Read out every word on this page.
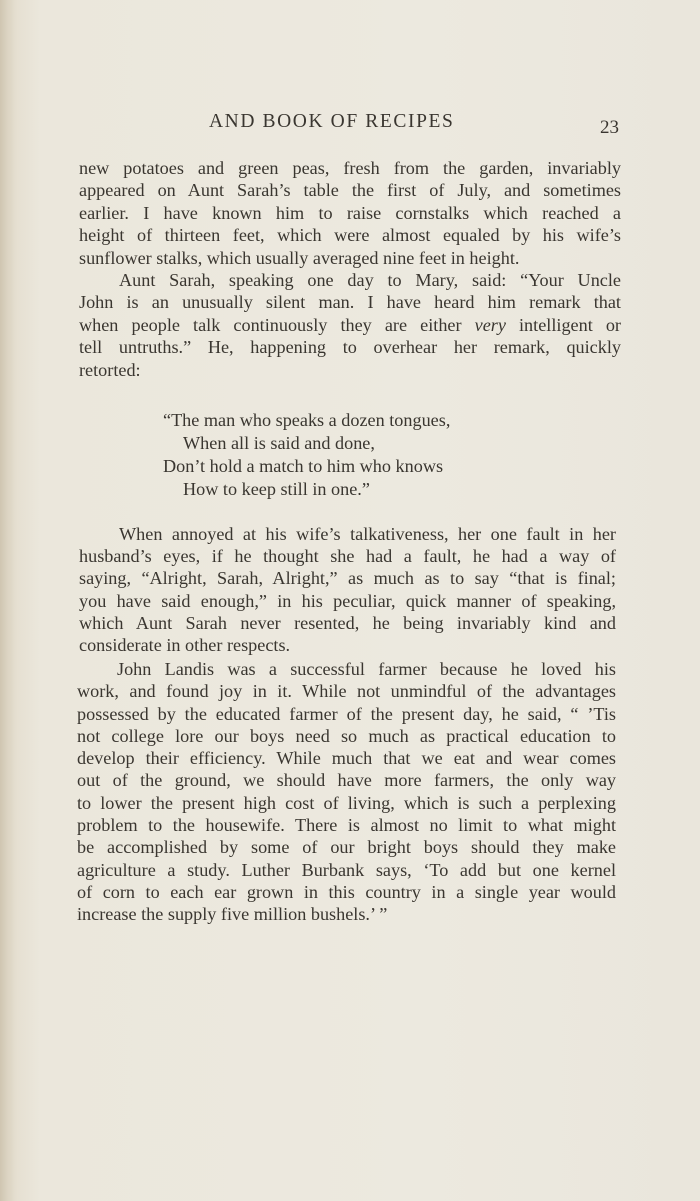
AND BOOK OF RECIPES	23
new potatoes and green peas, fresh from the garden, invariably
appeared on Aunt Sarah’s table the first of July, and sometimes
earlier. I have known him to raise cornstalks which reached a
height of thirteen feet, which were almost equaled by his wife’s
sunflower stalks, which usually averaged nine feet in height.
Aunt Sarah, speaking one day to Mary, said: “Your Uncle
John is an unusually silent man. I have heard him remark that
when people talk continuously they are either very intelligent or
tell untruths.” He, happening to overhear her remark, quickly
retorted:
“The man who speaks a dozen tongues,
When all is said and done,
Don’t hold a match to him who knows
How to keep still in one.”
When annoyed at his wife’s talkativeness, her one fault in her
husband’s eyes, if he thought she had a fault, he had a way of
saying, “Alright, Sarah, Alright,” as much as to say “that is final;
you have said enough,” in his peculiar, quick manner of speaking,
which Aunt Sarah never resented, he being invariably kind and
considerate in other respects.
John Landis was a successful farmer because he loved his
work, and found joy in it. While not unmindful of the advantages
possessed by the educated farmer of the present day, he said, “ ’Tis
not college lore our boys need so much as practical education to
develop their efficiency. While much that we eat and wear comes
out of the ground, we should have more farmers, the only way
to lower the present high cost of living, which is such a perplexing
problem to the housewife. There is almost no limit to what might
be accomplished by some of our bright boys should they make
agriculture a study. Luther Burbank says, ‘To add but one kernel
of corn to each ear grown in this country in a single year would
increase the supply five million bushels.’ ”
